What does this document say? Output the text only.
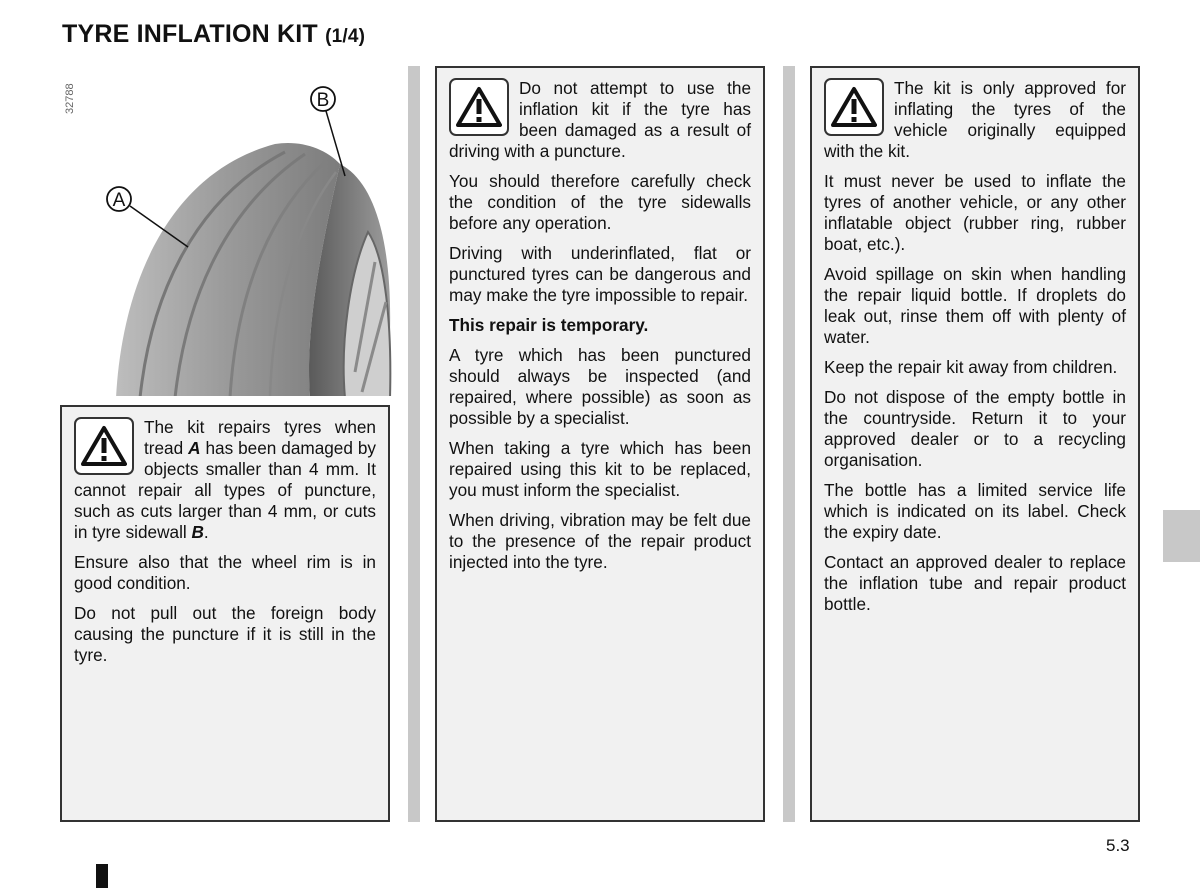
TYRE INFLATION KIT (1/4)
32788	B
A

The kit repairs tyres when tread A has been damaged by objects smaller than 4 mm. It cannot repair all types of puncture, such as cuts larger than 4 mm, or cuts in tyre sidewall B.

Ensure also that the wheel rim is in good condition.

Do not pull out the foreign body causing the puncture if it is still in the tyre.

Do not attempt to use the inflation kit if the tyre has been damaged as a result of driving with a puncture.

You should therefore carefully check the condition of the tyre sidewalls before any operation.

Driving with underinflated, flat or punctured tyres can be dangerous and may make the tyre impossible to repair.

This repair is temporary.

A tyre which has been punctured should always be inspected (and repaired, where possible) as soon as possible by a specialist.

When taking a tyre which has been repaired using this kit to be replaced, you must inform the specialist.

When driving, vibration may be felt due to the presence of the repair product injected into the tyre.

The kit is only approved for inflating the tyres of the vehicle originally equipped with the kit.

It must never be used to inflate the tyres of another vehicle, or any other inflatable object (rubber ring, rubber boat, etc.).

Avoid spillage on skin when handling the repair liquid bottle. If droplets do leak out, rinse them off with plenty of water.

Keep the repair kit away from children.

Do not dispose of the empty bottle in the countryside. Return it to your approved dealer or to a recycling organisation.

The bottle has a limited service life which is indicated on its label. Check the expiry date.

Contact an approved dealer to replace the inflation tube and repair product bottle.

5.3
